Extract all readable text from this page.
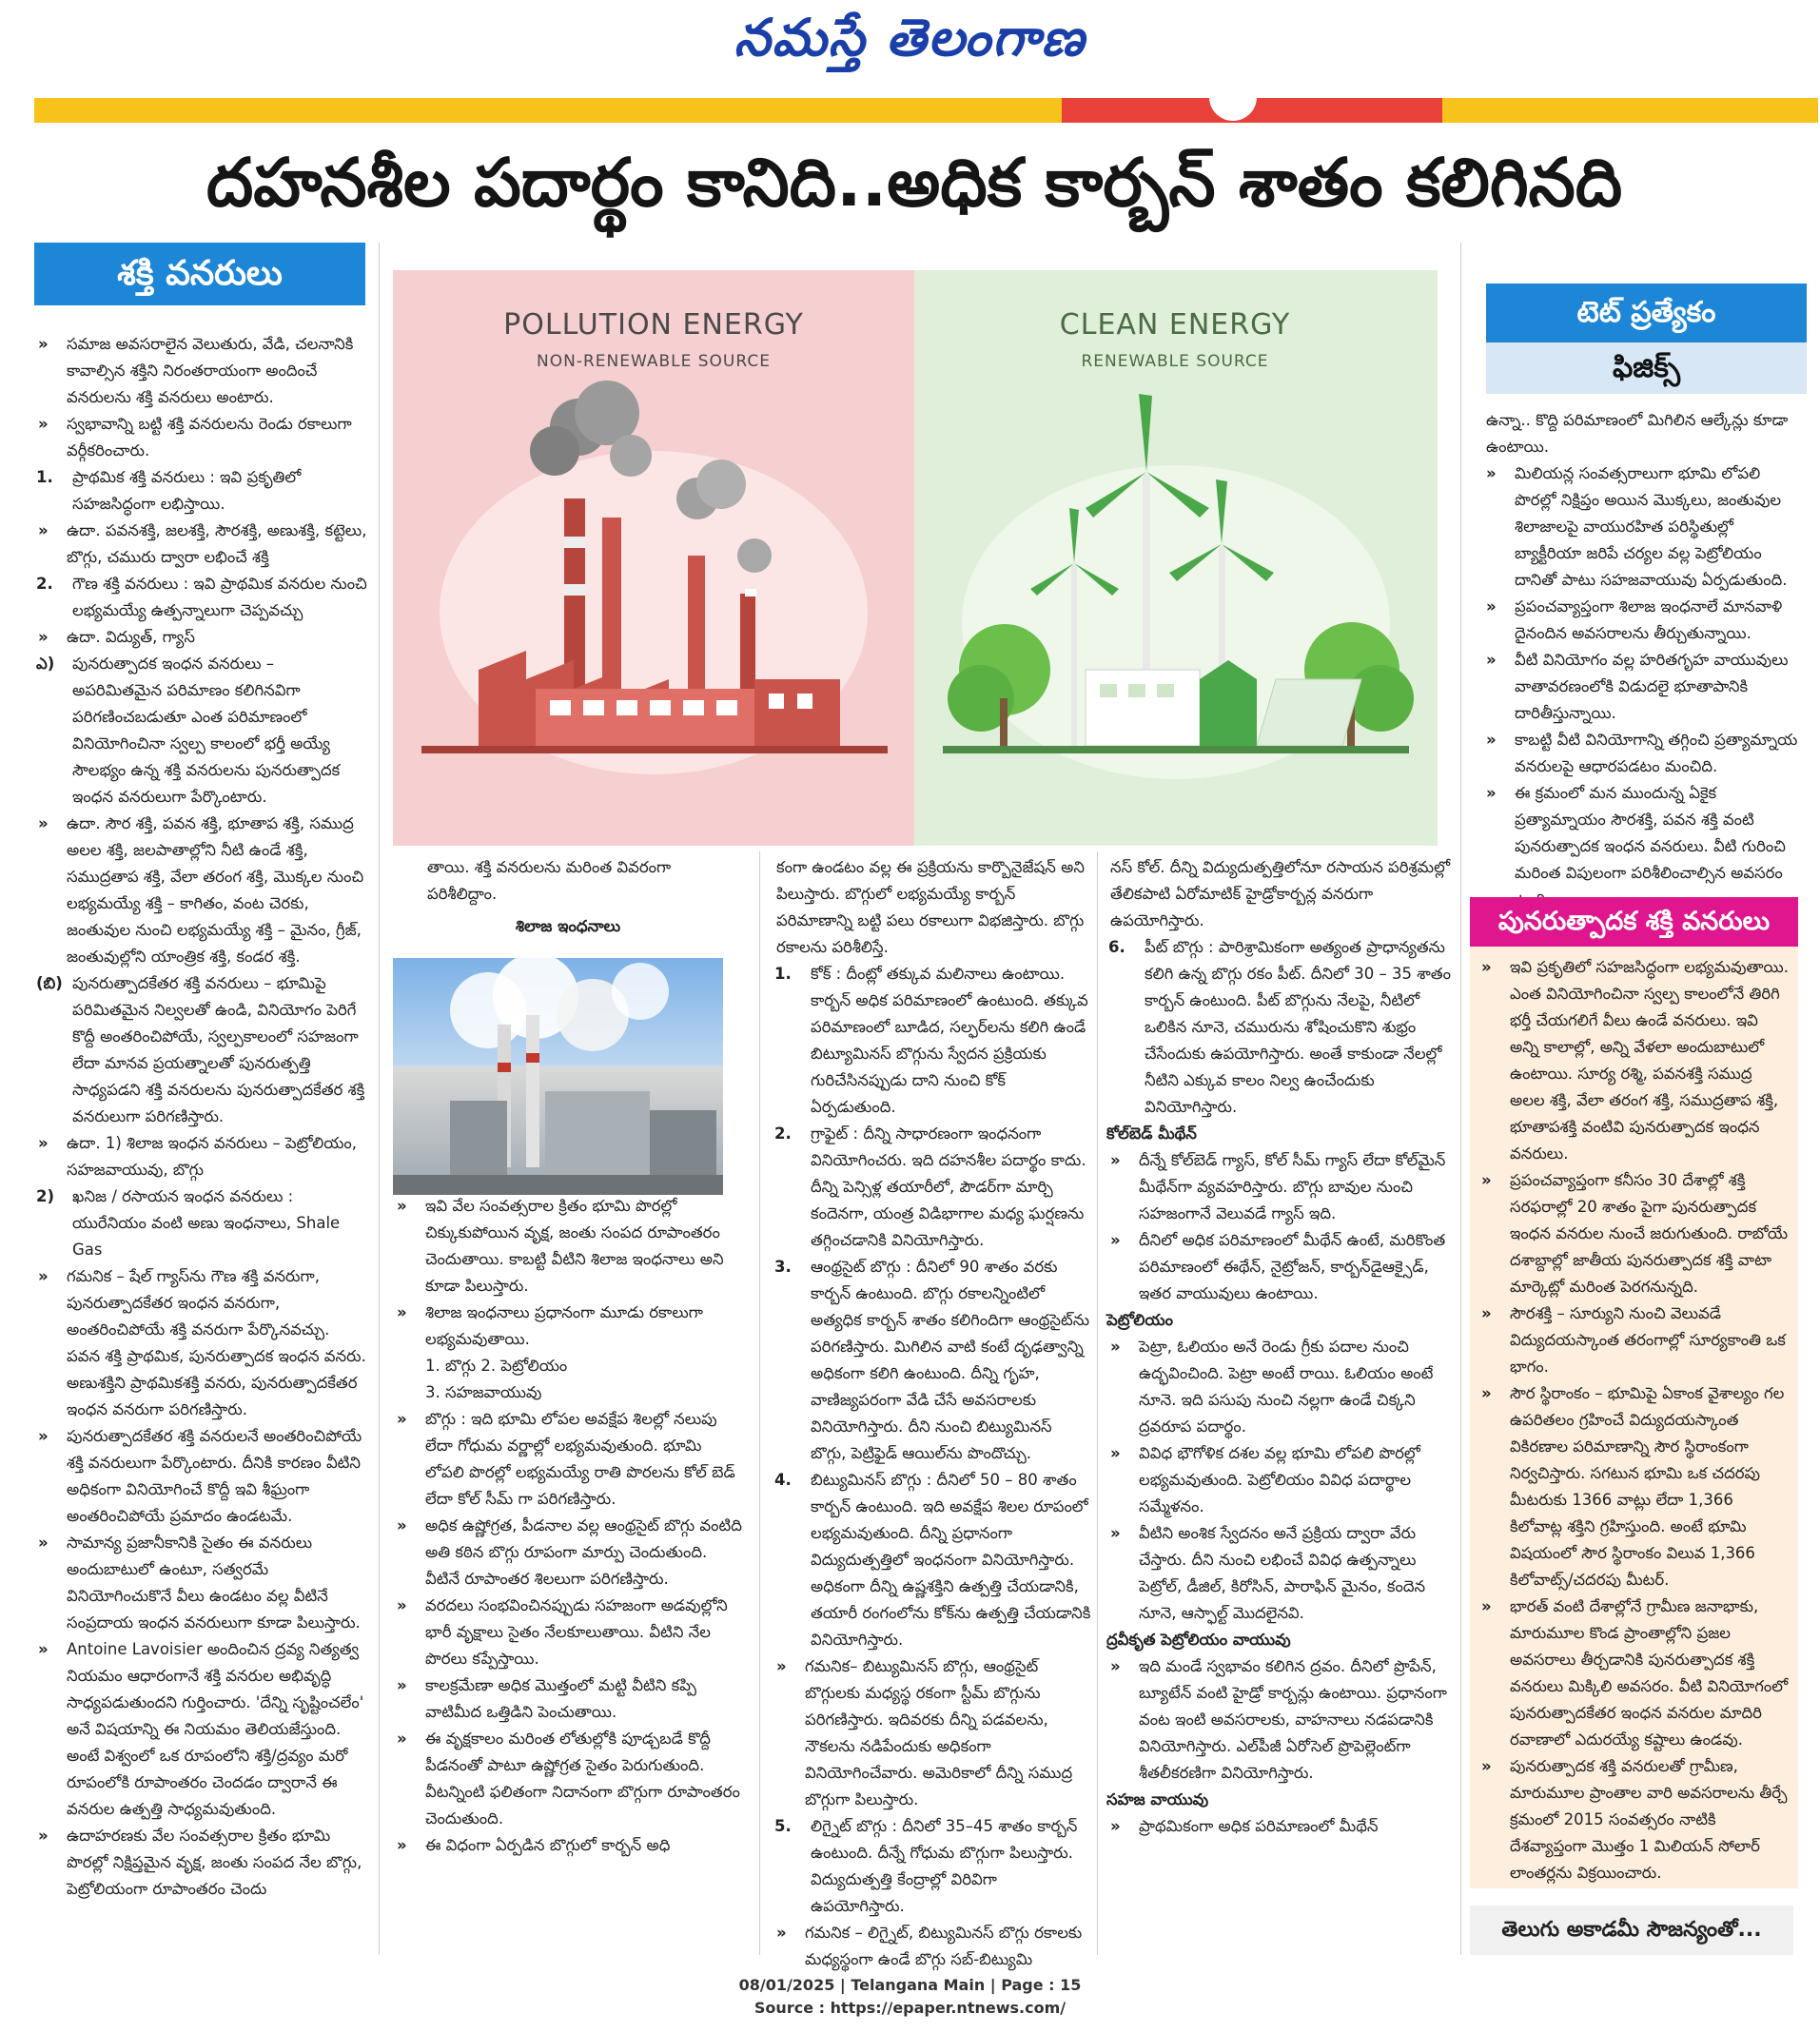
నమస్తే తెలంగాణ
దహనశీల పదార్థం కానిది..అధిక కార్బన్ శాతం కలిగినది
శక్తి వనరులు

» సమాజ అవసరాలైన వెలుతురు, వేడి, చలనానికి కావాల్సిన శక్తిని నిరంతరాయంగా అందించే వనరులను శక్తి వనరులు అంటారు.

» స్వభావాన్ని బట్టి శక్తి వనరులను రెండు రకాలుగా వర్గీకరించారు.

1. ప్రాథమిక శక్తి వనరులు : ఇవి ప్రకృతిలో సహజసిద్ధంగా లభిస్తాయి.

» ఉదా. పవనశక్తి, జలశక్తి, సౌరశక్తి, అణుశక్తి, కట్టెలు, బొగ్గు, చమురు ద్వారా లభించే శక్తి

2. గౌణ శక్తి వనరులు : ఇవి ప్రాథమిక వనరుల నుంచి లభ్యమయ్యే ఉత్పన్నాలుగా చెప్పవచ్చు

» ఉదా. విద్యుత్, గ్యాస్

ఎ) పునరుత్పాదక ఇంధన వనరులు – అపరిమితమైన పరిమాణం కలిగినవిగా పరిగణించబడుతూ ఎంత పరిమాణంలో వినియోగించినా స్వల్ప కాలంలో భర్తీ అయ్యే సౌలభ్యం ఉన్న శక్తి వనరులను పునరుత్పాదక ఇంధన వనరులుగా పేర్కొంటారు.

» ఉదా. సౌర శక్తి, పవన శక్తి, భూతాప శక్తి, సముద్ర అలల శక్తి, జలపాతాల్లోని నీటి ఉండే శక్తి, సముద్రతాప శక్తి, వేలా తరంగ శక్తి, మొక్కల నుంచి లభ్యమయ్యే శక్తి – కాగితం, వంట చెరకు, జంతువుల నుంచి లభ్యమయ్యే శక్తి – మైనం, గ్రీజ్, జంతువుల్లోని యాంత్రిక శక్తి, కండర శక్తి.

(బి) పునరుత్పాదకేతర శక్తి వనరులు – భూమిపై పరిమితమైన నిల్వలతో ఉండి, వినియోగం పెరిగే కొద్దీ అంతరించిపోయే, స్వల్పకాలంలో సహజంగా లేదా మానవ ప్రయత్నాలతో పునరుత్పత్తి సాధ్యపడని శక్తి వనరులను పునరుత్పాదకేతర శక్తి వనరులుగా పరిగణిస్తారు.

» ఉదా. 1) శిలాజ ఇంధన వనరులు – పెట్రోలియం, సహజవాయువు, బొగ్గు

2) ఖనిజ / రసాయన ఇంధన వనరులు : యురేనియం వంటి అణు ఇంధనాలు, Shale Gas

» గమనిక – షేల్ గ్యాస్‌ను గౌణ శక్తి వనరుగా, పునరుత్పాదకేతర ఇంధన వనరుగా, అంతరించిపోయే శక్తి వనరుగా పేర్కొనవచ్చు. పవన శక్తి ప్రాథమిక, పునరుత్పాదక ఇంధన వనరు. అణుశక్తిని ప్రాథమికశక్తి వనరు, పునరుత్పాదకేతర ఇంధన వనరుగా పరిగణిస్తారు.

» పునరుత్పాదకేతర శక్తి వనరులనే అంతరించిపోయే శక్తి వనరులుగా పేర్కొంటారు. దీనికి కారణం వీటిని అధికంగా వినియోగించే కొద్దీ ఇవి శీఘ్రంగా అంతరించిపోయే ప్రమాదం ఉండటమే.

» సామాన్య ప్రజానీకానికి సైతం ఈ వనరులు అందుబాటులో ఉంటూ, సత్వరమే వినియోగించుకొనే వీలు ఉండటం వల్ల వీటినే సంప్రదాయ ఇంధన వనరులుగా కూడా పిలుస్తారు.

» Antoine Lavoisier అందించిన ద్రవ్య నిత్యత్వ నియమం ఆధారంగానే శక్తి వనరుల అభివృద్ధి సాధ్యపడుతుందని గుర్తించారు. 'దేన్ని సృష్టించలేం' అనే విషయాన్ని ఈ నియమం తెలియజేస్తుంది. అంటే విశ్వంలో ఒక రూపంలోని శక్తి/ద్రవ్యం మరో రూపంలోకి రూపాంతరం చెందడం ద్వారానే ఈ వనరుల ఉత్పత్తి సాధ్యమవుతుంది.

» ఉదాహరణకు వేల సంవత్సరాల క్రితం భూమి పొరల్లో నిక్షిప్తమైన వృక్ష, జంతు సంపద నేల బొగ్గు, పెట్రోలియంగా రూపాంతరం చెందు

POLLUTION ENERGY
NON-RENEWABLE SOURCE
CLEAN ENERGY
RENEWABLE SOURCE

తాయి. శక్తి వనరులను మరింత వివరంగా పరిశీలిద్దాం.

శిలాజ ఇంధనాలు

» ఇవి వేల సంవత్సరాల క్రితం భూమి పొరల్లో చిక్కుకుపోయిన వృక్ష, జంతు సంపద రూపాంతరం చెందుతాయి. కాబట్టి వీటిని శిలాజ ఇంధనాలు అని కూడా పిలుస్తారు.

» శిలాజ ఇంధనాలు ప్రధానంగా మూడు రకాలుగా లభ్యమవుతాయి.

1. బొగ్గు 2. పెట్రోలియం

3. సహజవాయువు

» బొగ్గు : ఇది భూమి లోపల అవక్షేప శిలల్లో నలుపు లేదా గోధుమ వర్ణాల్లో లభ్యమవుతుంది. భూమి లోపలి పొరల్లో లభ్యమయ్యే రాతి పొరలను కోల్ బెడ్ లేదా కోల్ సీమ్ గా పరిగణిస్తారు.

» అధిక ఉష్ణోగ్రత, పీడనాల వల్ల ఆంథ్రసైట్ బొగ్గు వంటిది అతి కఠిన బొగ్గు రూపంగా మార్పు చెందుతుంది. వీటినే రూపాంతర శిలలుగా పరిగణిస్తారు.

» వరదలు సంభవించినప్పుడు సహజంగా అడవుల్లోని భారీ వృక్షాలు సైతం నేలకూలుతాయి. వీటిని నేల పొరలు కప్పేస్తాయి.

» కాలక్రమేణా అధిక మొత్తంలో మట్టి వీటిని కప్పి వాటిమీద ఒత్తిడిని పెంచుతాయి.

» ఈ వృక్షకాలం మరింత లోతుల్లోకి పూడ్చబడే కొద్దీ పీడనంతో పాటూ ఉష్ణోగ్రత సైతం పెరుగుతుంది. వీటన్నింటి ఫలితంగా నిదానంగా బొగ్గుగా రూపాంతరం చెందుతుంది.

» ఈ విధంగా ఏర్పడిన బొగ్గులో కార్బన్ అధి

కంగా ఉండటం వల్ల ఈ ప్రక్రియను కార్బొనైజేషన్ అని పిలుస్తారు. బొగ్గులో లభ్యమయ్యే కార్బన్ పరిమాణాన్ని బట్టి పలు రకాలుగా విభజిస్తారు. బొగ్గు రకాలను పరిశీలిస్తే.

1. కోక్ : దీంట్లో తక్కువ మలినాలు ఉంటాయి. కార్బన్ అధిక పరిమాణంలో ఉంటుంది. తక్కువ పరిమాణంలో బూడిద, సల్ఫర్‌లను కలిగి ఉండే బిట్యూమినస్ బొగ్గును స్వేదన ప్రక్రియకు గురిచేసినప్పుడు దాని నుంచి కోక్ ఏర్పడుతుంది.

2. గ్రాఫైట్ : దీన్ని సాధారణంగా ఇంధనంగా వినియోగించరు. ఇది దహనశీల పదార్థం కాదు. దీన్ని పెన్సిళ్ల తయారీలో, పౌడర్‌గా మార్చి కందెనగా, యంత్ర విడిభాగాల మధ్య ఘర్షణను తగ్గించడానికి వినియోగిస్తారు.

3. ఆంథ్రసైట్ బొగ్గు : దీనిలో 90 శాతం వరకు కార్బన్ ఉంటుంది. బొగ్గు రకాలన్నింటిలో అత్యధిక కార్బన్ శాతం కలిగిందిగా ఆంథ్రసైట్‌ను పరిగణిస్తారు. మిగిలిన వాటి కంటే దృఢత్వాన్ని అధికంగా కలిగి ఉంటుంది. దీన్ని గృహ, వాణిజ్యపరంగా వేడి చేసే అవసరాలకు వినియోగిస్తారు. దీని నుంచి బిట్యుమినస్ బొగ్గు, పెట్రిఫైడ్ ఆయిల్‌ను పొందొచ్చు.

4. బిట్యుమినస్ బొగ్గు : దీనిలో 50 – 80 శాతం కార్బన్ ఉంటుంది. ఇది అవక్షేప శిలల రూపంలో లభ్యమవుతుంది. దీన్ని ప్రధానంగా విద్యుదుత్పత్తిలో ఇంధనంగా వినియోగిస్తారు. అధికంగా దీన్ని ఉష్ణశక్తిని ఉత్పత్తి చేయడానికి, తయారీ రంగంలోను కోక్‌ను ఉత్పత్తి చేయడానికి వినియోగిస్తారు.

» గమనిక– బిట్యుమినస్ బొగ్గు, ఆంథ్రసైట్ బొగ్గులకు మధ్యస్థ రకంగా స్టీమ్ బొగ్గును పరిగణిస్తారు. ఇదివరకు దీన్ని పడవలను, నౌకలను నడిపేందుకు అధికంగా వినియోగించేవారు. అమెరికాలో దీన్ని సముద్ర బొగ్గుగా పిలుస్తారు.

5. లిగ్నైట్ బొగ్గు : దీనిలో 35–45 శాతం కార్బన్ ఉంటుంది. దీన్నే గోధుమ బొగ్గుగా పిలుస్తారు. విద్యుదుత్పత్తి కేంద్రాల్లో విరివిగా ఉపయోగిస్తారు.

» గమనిక – లిగ్నైట్, బిట్యుమినస్ బొగ్గు రకాలకు మధ్యస్థంగా ఉండే బొగ్గు సబ్-బిట్యుమి

నస్ కోల్. దీన్ని విద్యుదుత్పత్తిలోనూ రసాయన పరిశ్రమల్లో తేలికపాటి ఏరోమాటిక్ హైడ్రోకార్బన్ల వనరుగా ఉపయోగిస్తారు.

6. పీట్ బొగ్గు : పారిశ్రామికంగా అత్యంత ప్రాధాన్యతను కలిగి ఉన్న బొగ్గు రకం పీట్. దీనిలో 30 – 35 శాతం కార్బన్ ఉంటుంది. పీట్ బొగ్గును నేలపై, నీటిలో ఒలికిన నూనె, చమురును శోషించుకొని శుభ్రం చేసేందుకు ఉపయోగిస్తారు. అంతే కాకుండా నేలల్లో నీటిని ఎక్కువ కాలం నిల్వ ఉంచేందుకు వినియోగిస్తారు.

కోల్‌బెడ్ మీథేన్

» దీన్నే కోల్‌బెడ్ గ్యాస్, కోల్ సీమ్ గ్యాస్ లేదా కోల్‌మైన్ మీథేన్‌గా వ్యవహరిస్తారు. బొగ్గు బావుల నుంచి సహజంగానే వెలువడే గ్యాస్ ఇది.

» దీనిలో అధిక పరిమాణంలో మీథేన్ ఉంటే, మరికొంత పరిమాణంలో ఈథేన్, నైట్రోజన్, కార్బన్‌డైఆక్సైడ్, ఇతర వాయువులు ఉంటాయి.

పెట్రోలియం

» పెట్రా, ఓలియం అనే రెండు గ్రీకు పదాల నుంచి ఉద్భవించింది. పెట్రా అంటే రాయి. ఓలియం అంటే నూనె. ఇది పసుపు నుంచి నల్లగా ఉండే చిక్కని ద్రవరూప పదార్థం.

» వివిధ భౌగోళిక దశల వల్ల భూమి లోపలి పొరల్లో లభ్యమవుతుంది. పెట్రోలియం వివిధ పదార్థాల సమ్మేళనం.

» వీటిని అంశిక స్వేదనం అనే ప్రక్రియ ద్వారా వేరు చేస్తారు. దీని నుంచి లభించే వివిధ ఉత్పన్నాలు పెట్రోల్, డీజిల్, కిరోసిన్, పారాఫిన్ మైనం, కందెన నూనె, ఆస్ఫాల్ట్ మొదలైనవి.

ద్రవీకృత పెట్రోలియం వాయువు

» ఇది మండే స్వభావం కలిగిన ద్రవం. దీనిలో ప్రొపేన్, బ్యూటేన్ వంటి హైడ్రో కార్బన్లు ఉంటాయి. ప్రధానంగా వంట ఇంటి అవసరాలకు, వాహనాలు నడపడానికి వినియోగిస్తారు. ఎల్‌పీజీ ఏరోసెల్ ప్రొపెల్లెంట్‌గా శీతలీకరణిగా వినియోగిస్తారు.

సహజ వాయువు

» ప్రాథమికంగా అధిక పరిమాణంలో మీథేన్

టెట్ ప్రత్యేకం
ఫిజిక్స్

ఉన్నా.. కొద్ది పరిమాణంలో మిగిలిన ఆల్కేన్లు కూడా ఉంటాయి.

» మిలియన్ల సంవత్సరాలుగా భూమి లోపలి పొరల్లో నిక్షిప్తం అయిన మొక్కలు, జంతువుల శిలాజాలపై వాయురహిత పరిస్థితుల్లో బ్యాక్టీరియా జరిపే చర్యల వల్ల పెట్రోలియం దానితో పాటు సహజవాయువు ఏర్పడుతుంది.

» ప్రపంచవ్యాప్తంగా శిలాజ ఇంధనాలే మానవాళి దైనందిన అవసరాలను తీర్చుతున్నాయి.

» వీటి వినియోగం వల్ల హరితగృహ వాయువులు వాతావరణంలోకి విడుదలై భూతాపానికి దారితీస్తున్నాయి.

» కాబట్టి వీటి వినియోగాన్ని తగ్గించి ప్రత్యామ్నాయ వనరులపై ఆధారపడటం మంచిది.

» ఈ క్రమంలో మన ముందున్న ఏకైక ప్రత్యామ్నాయం సౌరశక్తి, పవన శక్తి వంటి పునరుత్పాదక ఇంధన వనరులు. వీటి గురించి మరింత విపులంగా పరిశీలించాల్సిన అవసరం

పునరుత్పాదక శక్తి వనరులు

» ఇవి ప్రకృతిలో సహజసిద్ధంగా లభ్యమవుతాయి. ఎంత వినియోగించినా స్వల్ప కాలంలోనే తిరిగి భర్తీ చేయగలిగే వీలు ఉండే వనరులు. ఇవి అన్ని కాలాల్లో, అన్ని వేళలా అందుబాటులో ఉంటాయి. సూర్య రశ్మి, పవనశక్తి సముద్ర అలల శక్తి, వేలా తరంగ శక్తి, సముద్రతాప శక్తి, భూతాపశక్తి వంటివి పునరుత్పాదక ఇంధన వనరులు.

» ప్రపంచవ్యాప్తంగా కనీసం 30 దేశాల్లో శక్తి సరఫరాల్లో 20 శాతం పైగా పునరుత్పాదక ఇంధన వనరుల నుంచే జరుగుతుంది. రాబోయే దశాబ్దాల్లో జాతీయ పునరుత్పాదక శక్తి వాటా మార్కెట్లో మరింత పెరగనున్నది.

» సౌరశక్తి – సూర్యుని నుంచి వెలువడే విద్యుదయస్కాంత తరంగాల్లో సూర్యకాంతి ఒక భాగం.

» సౌర స్థిరాంకం – భూమిపై ఏకాంక వైశాల్యం గల ఉపరితలం గ్రహించే విద్యుదయస్కాంత వికిరణాల పరిమాణాన్ని సౌర స్థిరాంకంగా నిర్వచిస్తారు. సగటున భూమి ఒక చదరపు మీటరుకు 1366 వాట్లు లేదా 1,366 కిలోవాట్ల శక్తిని గ్రహిస్తుంది. అంటే భూమి విషయంలో సౌర స్థిరాంకం విలువ 1,366 కిలోవాట్స్/చదరపు మీటర్.

» భారత్ వంటి దేశాల్లోనే గ్రామీణ జనాభాకు, మారుమూల కొండ ప్రాంతాల్లోని ప్రజల అవసరాలు తీర్చడానికి పునరుత్పాదక శక్తి వనరులు మిక్కిలి అవసరం. వీటి వినియోగంలో పునరుత్పాదకేతర ఇంధన వనరుల మాదిరి రవాణాలో ఎదురయ్యే కష్టాలు ఉండవు.

» పునరుత్పాదక శక్తి వనరులతో గ్రామీణ, మారుమూల ప్రాంతాల వారి అవసరాలను తీర్చే క్రమంలో 2015 సంవత్సరం నాటికి దేశవ్యాప్తంగా మొత్తం 1 మిలియన్ సోలార్ లాంతర్లను విక్రయించారు.

తెలుగు అకాడమీ సౌజన్యంతో...
08/01/2025 | Telangana Main | Page : 15
Source : https://epaper.ntnews.com/
